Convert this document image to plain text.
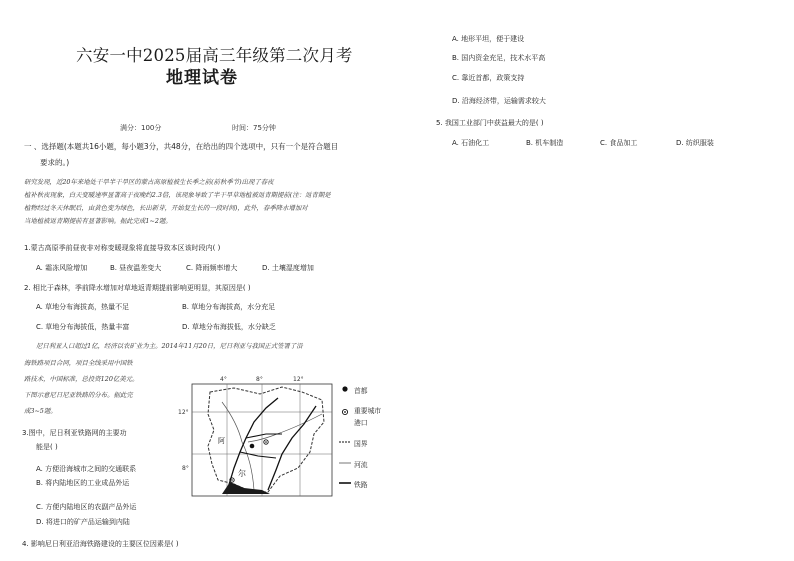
六安一中2025届高三年级第二次月考
地理试卷
满分：100分	时间：75分钟
一 、选择题(本题共16小题，每小题3分，共48分，在给出的四个选项中，只有一个是符合题目
要求的。)
研究发现，近20年来地处干旱半干旱区的蒙古高原植被生长季之前(前秋季节)出现了春夜
植补秋夜现象，白天变暖速率显著高于夜晚约2.3倍，该现象导致了半干旱草地植被返青期提前(注：返青期是
植物经过冬天休眠后，由黄色变为绿色，长出新芽，开始复生长的一段时间)，此外，春季降水增加对
当地植被返青期提前有显著影响。据此完成1~2题。
1.蒙古高原季前昼夜非对称变暖现象将直接导致本区该时段内( )
A. 霜冻风险增加	B. 昼夜温差变大	C. 降雨频率增大	D. 土壤湿度增加
2. 相比于森林，季前降水增加对草地返青期提前影响更明显，其原因是( )
A. 草地分布海拔高，热量不足	B. 草地分布海拔高，水分充足
C. 草地分布海拔低，热量丰富	D. 草地分布海拔低，水分缺乏
尼日利亚人口超过1亿，经济以农矿业为主。2014年11月20日，尼日利亚与我国正式签署了沿
海铁路项目合同，项目全线采用中国铁
路技术，中国标准，总投资120亿美元。
下图示意尼日尼亚铁路的分布。据此完
成3~5题。
3.图中，尼日利亚铁路网的主要功
能是( )
A. 方便沿海城市之间的交通联系
B. 将内陆地区的工业成品外运
C. 方便内陆地区的农副产品外运
D. 将进口的矿产品运输到内陆
4. 影响尼日利亚沿海铁路建设的主要区位因素是( )
4°	8°	12°
12°
8°
阿
尔
首都
重要城市
港口
国界
河流
铁路
A. 地形平坦，便于建设
B. 国内资金充足，技术水平高
C. 靠近首都，政策支持
D. 沿海经济带，运输需求较大
5. 我国工业部门中获益最大的是( )
A. 石油化工	B. 机车制造	C. 食品加工	D. 纺织服装
